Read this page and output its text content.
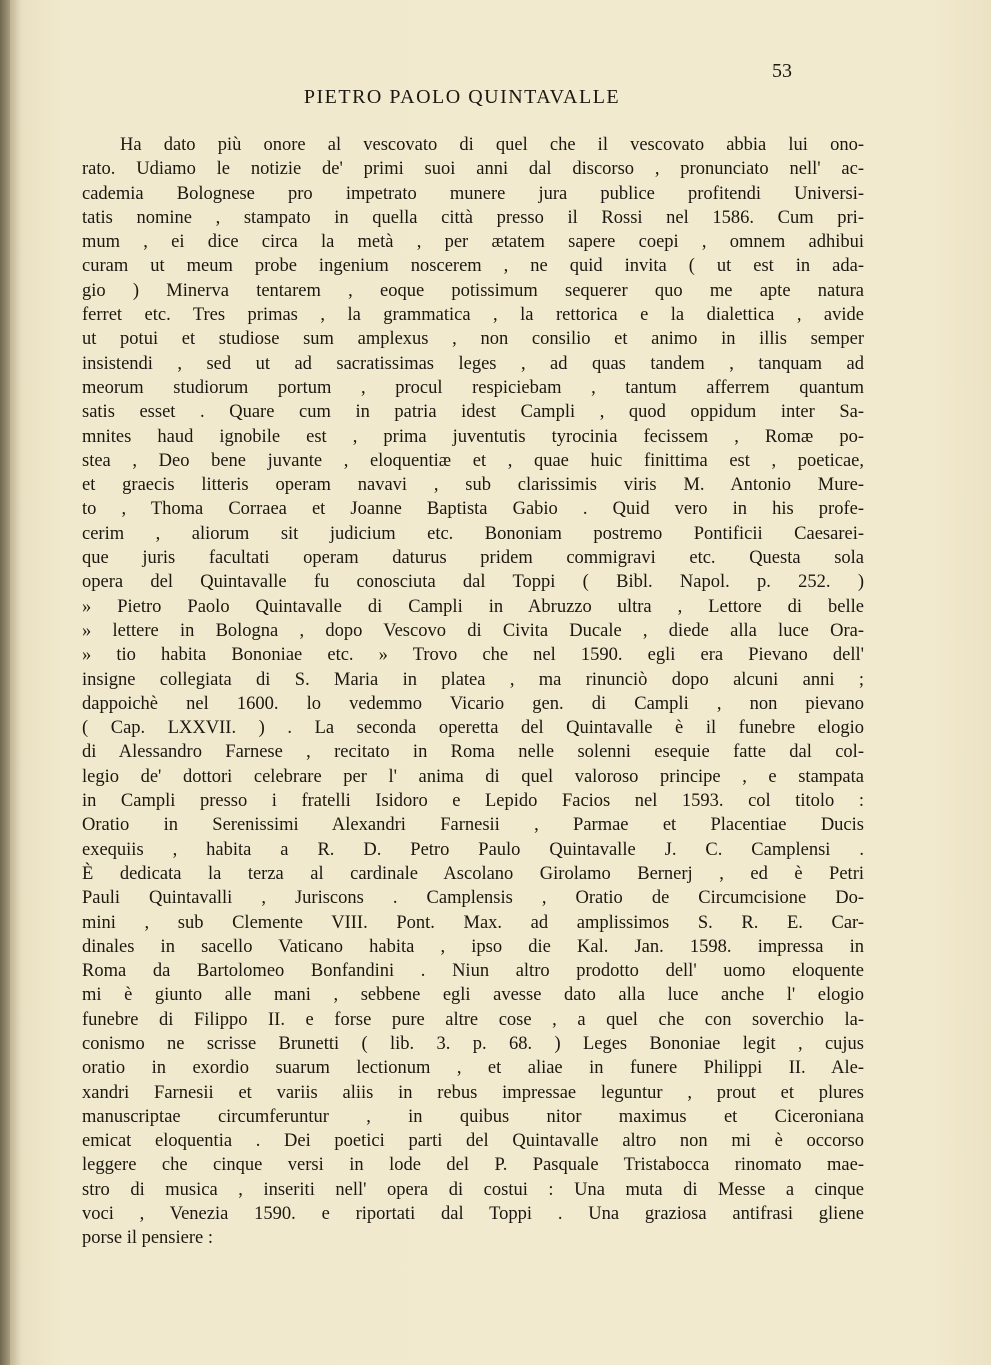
53
PIETRO PAOLO QUINTAVALLE
Ha dato più onore al vescovato di quel che il vescovato abbia lui ono-
rato. Udiamo le notizie de' primi suoi anni dal discorso , pronunciato nell' ac-
cademia Bolognese pro impetrato munere jura publice profitendi Universi-
tatis nomine , stampato in quella città presso il Rossi nel 1586. Cum pri-
mum , ei dice circa la metà , per ætatem sapere coepi , omnem adhibui
curam ut meum probe ingenium noscerem , ne quid invita ( ut est in ada-
gio ) Minerva tentarem , eoque potissimum sequerer quo me apte natura
ferret etc. Tres primas , la grammatica , la rettorica e la dialettica , avide
ut potui et studiose sum amplexus , non consilio et animo in illis semper
insistendi , sed ut ad sacratissimas leges , ad quas tandem , tanquam ad
meorum studiorum portum , procul respiciebam , tantum afferrem quantum
satis esset . Quare cum in patria idest Campli , quod oppidum inter Sa-
mnites haud ignobile est , prima juventutis tyrocinia fecissem , Romæ po-
stea , Deo bene juvante , eloquentiæ et , quae huic finittima est , poeticae,
et graecis litteris operam navavi , sub clarissimis viris M. Antonio Mure-
to , Thoma Corraea et Joanne Baptista Gabio . Quid vero in his profe-
cerim , aliorum sit judicium etc. Bononiam postremo Pontificii Caesarei-
que juris facultati operam daturus pridem commigravi etc. Questa sola
opera del Quintavalle fu conosciuta dal Toppi ( Bibl. Napol. p. 252. )
» Pietro Paolo Quintavalle di Campli in Abruzzo ultra , Lettore di belle
» lettere in Bologna , dopo Vescovo di Civita Ducale , diede alla luce Ora-
» tio habita Bononiae etc. » Trovo che nel 1590. egli era Pievano dell'
insigne collegiata di S. Maria in platea , ma rinunciò dopo alcuni anni ;
dappoichè nel 1600. lo vedemmo Vicario gen. di Campli , non pievano
( Cap. LXXVII. ) . La seconda operetta del Quintavalle è il funebre elogio
di Alessandro Farnese , recitato in Roma nelle solenni esequie fatte dal col-
legio de' dottori celebrare per l' anima di quel valoroso principe , e stampata
in Campli presso i fratelli Isidoro e Lepido Facios nel 1593. col titolo :
Oratio in Serenissimi Alexandri Farnesii , Parmae et Placentiae Ducis
exequiis , habita a R. D. Petro Paulo Quintavalle J. C. Camplensi .
È dedicata la terza al cardinale Ascolano Girolamo Bernerj , ed è Petri
Pauli Quintavalli , Juriscons . Camplensis , Oratio de Circumcisione Do-
mini , sub Clemente VIII. Pont. Max. ad amplissimos S. R. E. Car-
dinales in sacello Vaticano habita , ipso die Kal. Jan. 1598. impressa in
Roma da Bartolomeo Bonfandini . Niun altro prodotto dell' uomo eloquente
mi è giunto alle mani , sebbene egli avesse dato alla luce anche l' elogio
funebre di Filippo II. e forse pure altre cose , a quel che con soverchio la-
conismo ne scrisse Brunetti ( lib. 3. p. 68. ) Leges Bononiae legit , cujus
oratio in exordio suarum lectionum , et aliae in funere Philippi II. Ale-
xandri Farnesii et variis aliis in rebus impressae leguntur , prout et plures
manuscriptae circumferuntur , in quibus nitor maximus et Ciceroniana
emicat eloquentia . Dei poetici parti del Quintavalle altro non mi è occorso
leggere che cinque versi in lode del P. Pasquale Tristabocca rinomato mae-
stro di musica , inseriti nell' opera di costui : Una muta di Messe a cinque
voci , Venezia 1590. e riportati dal Toppi . Una graziosa antifrasi gliene
porse il pensiere :
